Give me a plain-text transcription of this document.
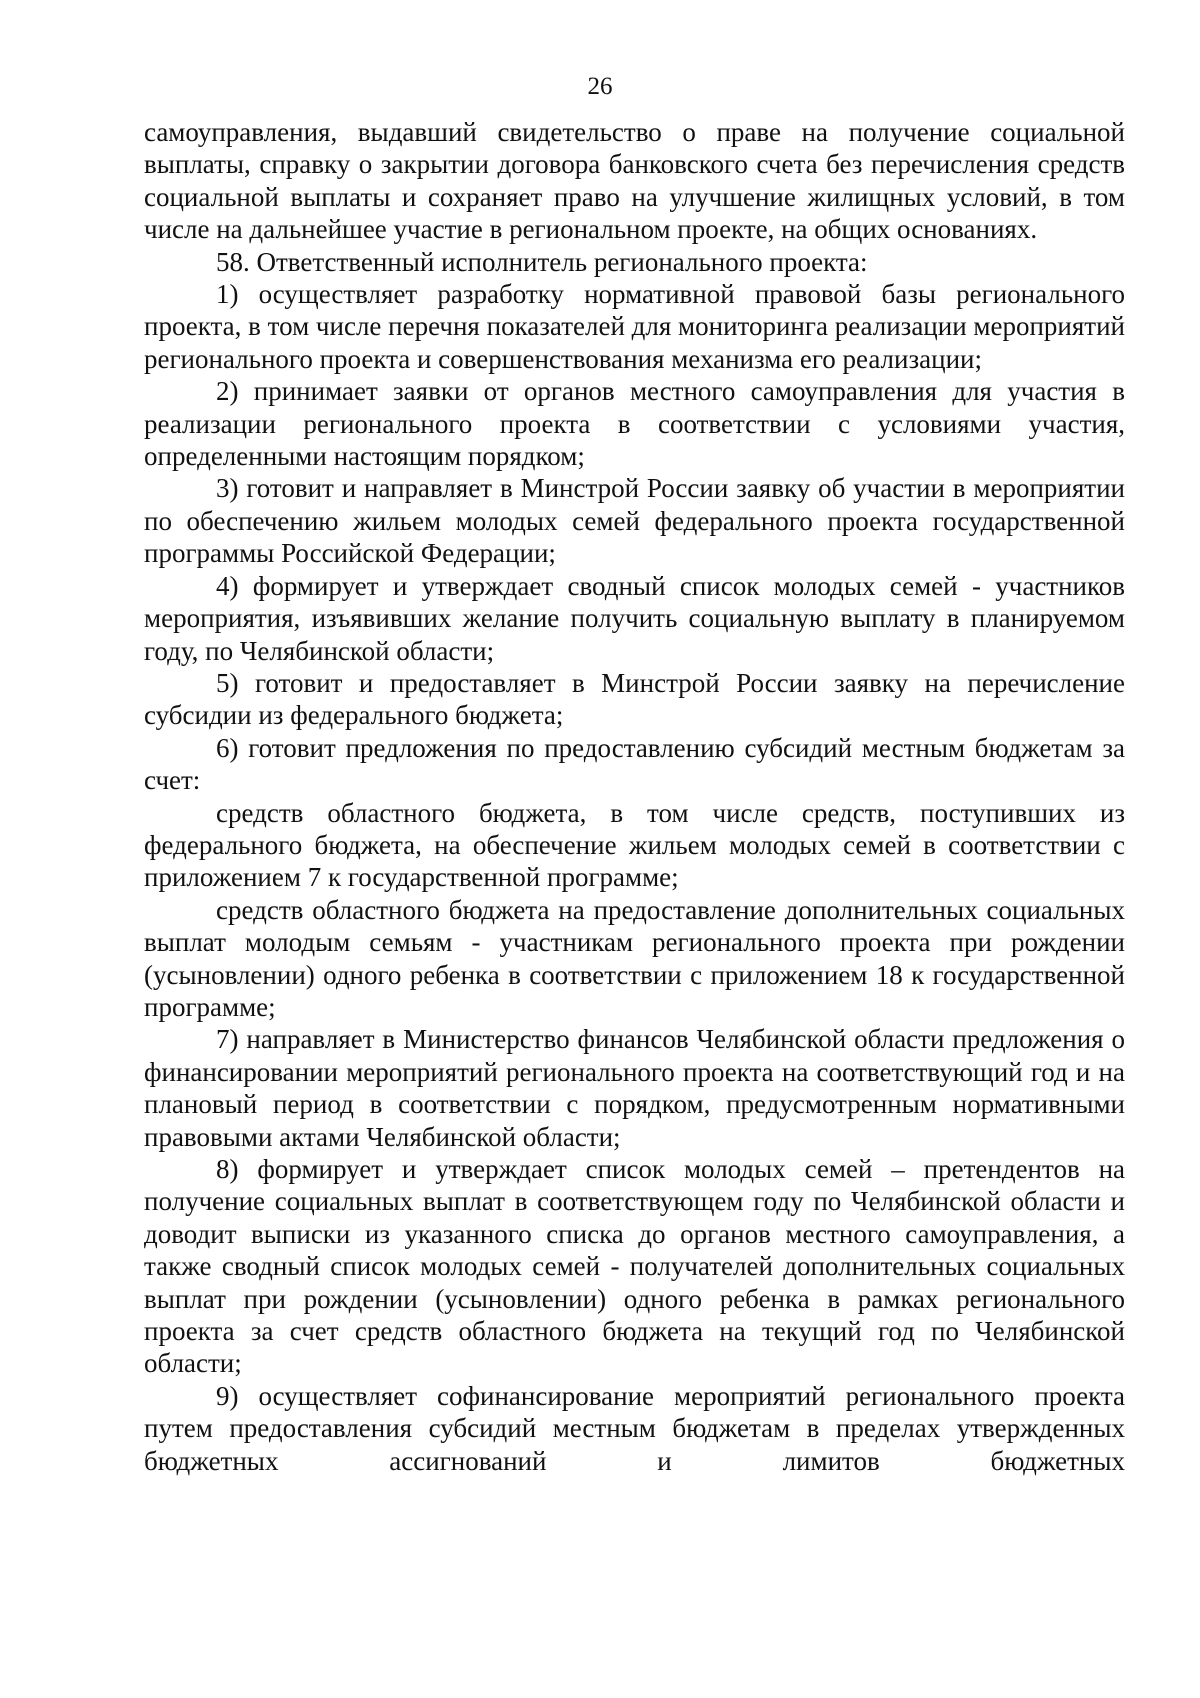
26

самоуправления, выдавший свидетельство о праве на получение социальной выплаты, справку о закрытии договора банковского счета без перечисления средств социальной выплаты и сохраняет право на улучшение жилищных условий, в том числе на дальнейшее участие в региональном проекте, на общих основаниях.

58. Ответственный исполнитель регионального проекта:

1) осуществляет разработку нормативной правовой базы регионального проекта, в том числе перечня показателей для мониторинга реализации мероприятий регионального проекта и совершенствования механизма его реализации;

2) принимает заявки от органов местного самоуправления для участия в реализации регионального проекта в соответствии с условиями участия, определенными настоящим порядком;

3) готовит и направляет в Минстрой России заявку об участии в мероприятии по обеспечению жильем молодых семей федерального проекта государственной программы Российской Федерации;

4) формирует и утверждает сводный список молодых семей - участников мероприятия, изъявивших желание получить социальную выплату в планируемом году, по Челябинской области;

5) готовит и предоставляет в Минстрой России заявку на перечисление субсидии из федерального бюджета;

6) готовит предложения по предоставлению субсидий местным бюджетам за счет:

средств областного бюджета, в том числе средств, поступивших из федерального бюджета, на обеспечение жильем молодых семей в соответствии с приложением 7 к государственной программе;

средств областного бюджета на предоставление дополнительных социальных выплат молодым семьям - участникам регионального проекта при рождении (усыновлении) одного ребенка в соответствии с приложением 18 к государственной программе;

7) направляет в Министерство финансов Челябинской области предложения о финансировании мероприятий регионального проекта на соответствующий год и на плановый период в соответствии с порядком, предусмотренным нормативными правовыми актами Челябинской области;

8) формирует и утверждает список молодых семей – претендентов на получение социальных выплат в соответствующем году по Челябинской области и доводит выписки из указанного списка до органов местного самоуправления, а также сводный список молодых семей - получателей дополнительных социальных выплат при рождении (усыновлении) одного ребенка в рамках регионального проекта за счет средств областного бюджета на текущий год по Челябинской области;

9) осуществляет софинансирование мероприятий регионального проекта путем предоставления субсидий местным бюджетам в пределах утвержденных бюджетных ассигнований и лимитов бюджетных
